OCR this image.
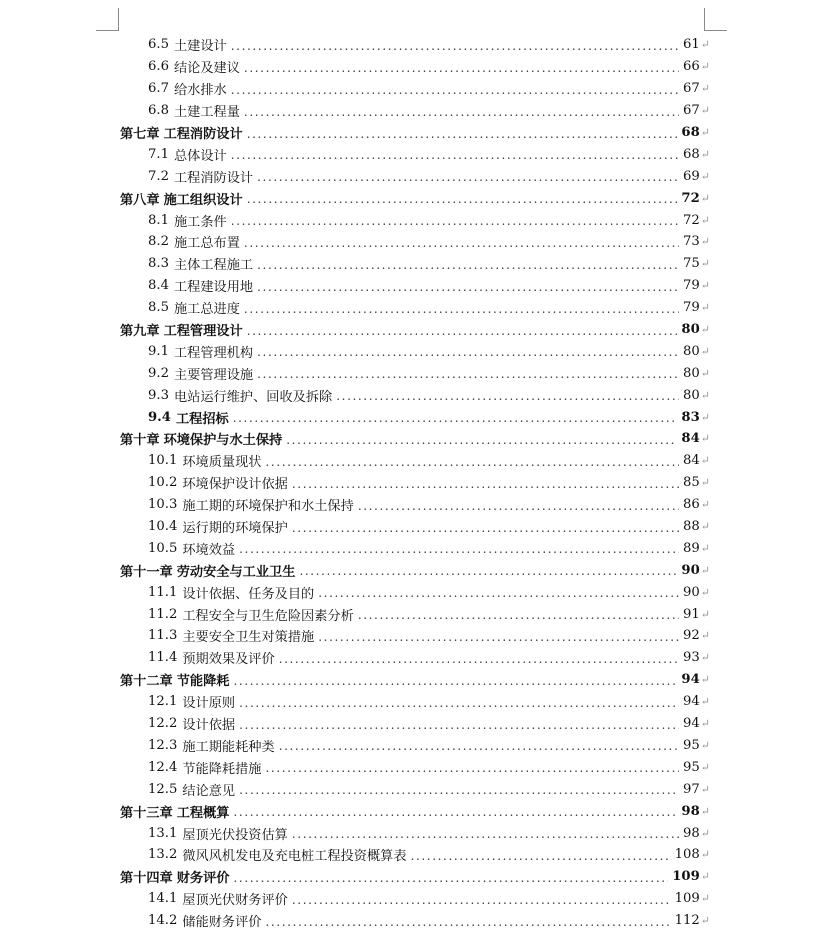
6.5 土建设计 .....	61 ↵
6.6 结论及建议 .....	66 ↵
6.7 给水排水 .....	67 ↵
6.8 土建工程量 .....	67 ↵
第七章 工程消防设计 .....	68 ↵
7.1 总体设计 .....	68 ↵
7.2 工程消防设计 .....	69 ↵
第八章 施工组织设计 .....	72 ↵
8.1 施工条件 .....	72 ↵
8.2 施工总布置 .....	73 ↵
8.3 主体工程施工 .....	75 ↵
8.4 工程建设用地 .....	79 ↵
8.5 施工总进度 .....	79 ↵
第九章 工程管理设计 .....	80 ↵
9.1 工程管理机构 .....	80 ↵
9.2 主要管理设施 .....	80 ↵
9.3 电站运行维护、回收及拆除 .....	80 ↵
9.4 工程招标 .....	83 ↵
第十章 环境保护与水土保持 .....	84 ↵
10.1 环境质量现状 .....	84 ↵
10.2 环境保护设计依据 .....	85 ↵
10.3 施工期的环境保护和水土保持 .....	86 ↵
10.4 运行期的环境保护 .....	88 ↵
10.5 环境效益 .....	89 ↵
第十一章 劳动安全与工业卫生 .....	90 ↵
11.1 设计依据、任务及目的 .....	90 ↵
11.2 工程安全与卫生危险因素分析 .....	91 ↵
11.3 主要安全卫生对策措施 .....	92 ↵
11.4 预期效果及评价 .....	93 ↵
第十二章 节能降耗 .....	94 ↵
12.1 设计原则 .....	94 ↵
12.2 设计依据 .....	94 ↵
12.3 施工期能耗种类 .....	95 ↵
12.4 节能降耗措施 .....	95 ↵
12.5 结论意见 .....	97 ↵
第十三章 工程概算 .....	98 ↵
13.1 屋顶光伏投资估算 .....	98 ↵
13.2 微风风机发电及充电桩工程投资概算表 .....	108 ↵
第十四章 财务评价 .....	109 ↵
14.1 屋顶光伏财务评价 .....	109 ↵
14.2 储能财务评价 .....	112 ↵
